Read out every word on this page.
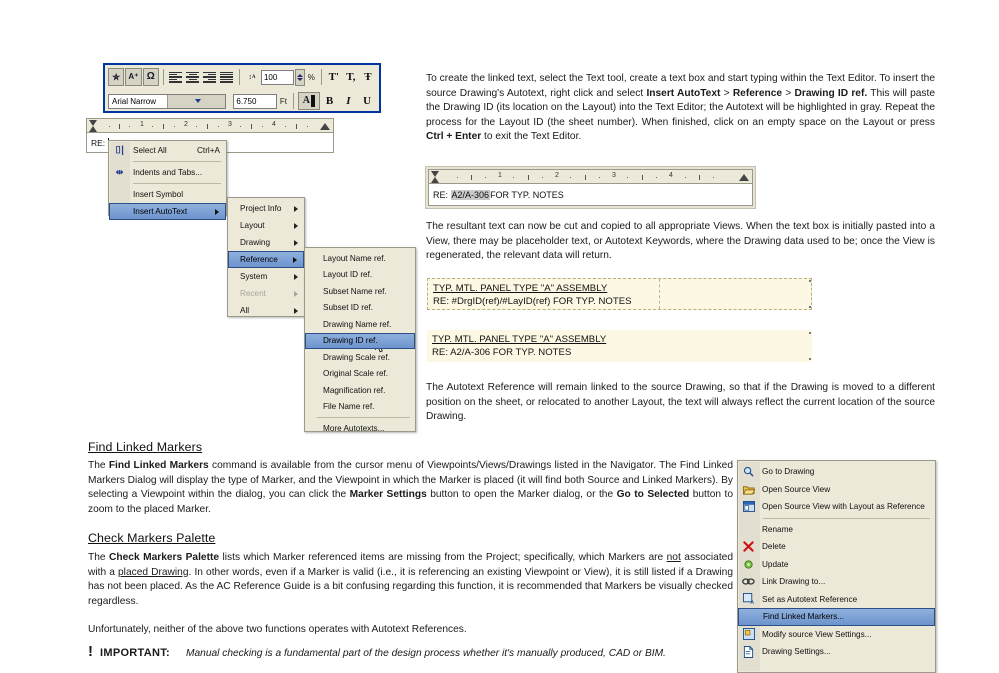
✮	A⁺ Ω	↕ A	100	% T' T, Ŧ
Arial Narrow	6.750	Ft A	B	I	U
1	2	3	4
RE:
⌷|	Select All	Ctrl+A
⇹	Indents and Tabs...
Insert Symbol
Insert AutoText	Project Info
Layout
Drawing
Reference
System
Recent
All
Layout Name ref.
Layout ID ref.
Subset Name ref.
Subset ID ref.
Drawing Name ref.
Drawing ID ref.
Drawing Scale ref.
Original Scale ref.
Magnification ref.
File Name ref.
More Autotexts...
To create the linked text, select the Text tool, create a text box and start typing within the Text Editor. To insert the source Drawing's Autotext, right click and select Insert AutoText > Reference > Drawing ID ref. This will paste the Drawing ID (its location on the Layout) into the Text Editor; the Autotext will be highlighted in gray. Repeat the process for the Layout ID (the sheet number). When finished, click on an empty space on the Layout or press Ctrl + Enter to exit the Text Editor.
1	2	3	4
RE:
A2/A-306 FOR TYP. NOTES
The resultant text can now be cut and copied to all appropriate Views. When the text box is initially pasted into a View, there may be placeholder text, or Autotext Keywords, where the Drawing data used to be; once the View is regenerated, the relevant data will return.
TYP. MTL. PANEL TYPE "A" ASSEMBLY
RE: #DrgID(ref)/#LayID(ref) FOR TYP. NOTES
TYP. MTL. PANEL TYPE "A" ASSEMBLY
RE: A2/A-306 FOR TYP. NOTES
The Autotext Reference will remain linked to the source Drawing, so that if the Drawing is moved to a different position on the sheet, or relocated to another Layout, the text will always reflect the current location of the source Drawing.
Find Linked Markers
The Find Linked Markers command is available from the cursor menu of Viewpoints/Views/Drawings listed in the Navigator. The Find Linked Markers Dialog will display the type of Marker, and the Viewpoint in which the Marker is placed (it will find both Source and Linked Markers). By selecting a Viewpoint within the dialog, you can click the Marker Settings button to open the Marker dialog, or the Go to Selected button to zoom to the placed Marker.
Check Markers Palette
The Check Markers Palette lists which Marker referenced items are missing from the Project; specifically, which Markers are not associated with a placed Drawing. In other words, even if a Marker is valid (i.e., it is referencing an existing Viewpoint or View), it is still listed if a Drawing has not been placed. As the AC Reference Guide is a bit confusing regarding this function, it is recommended that Markers be visually checked regardless.
Unfortunately, neither of the above two functions operates with Autotext References.
! IMPORTANT: Manual checking is a fundamental part of the design process whether it's manually produced, CAD or BIM.
Go to Drawing
Open Source View
Open Source View with Layout as Reference
Rename
Delete
Update
Link Drawing to...
A Set as Autotext Reference
Find Linked Markers...
Modify source View Settings...
Drawing Settings...
